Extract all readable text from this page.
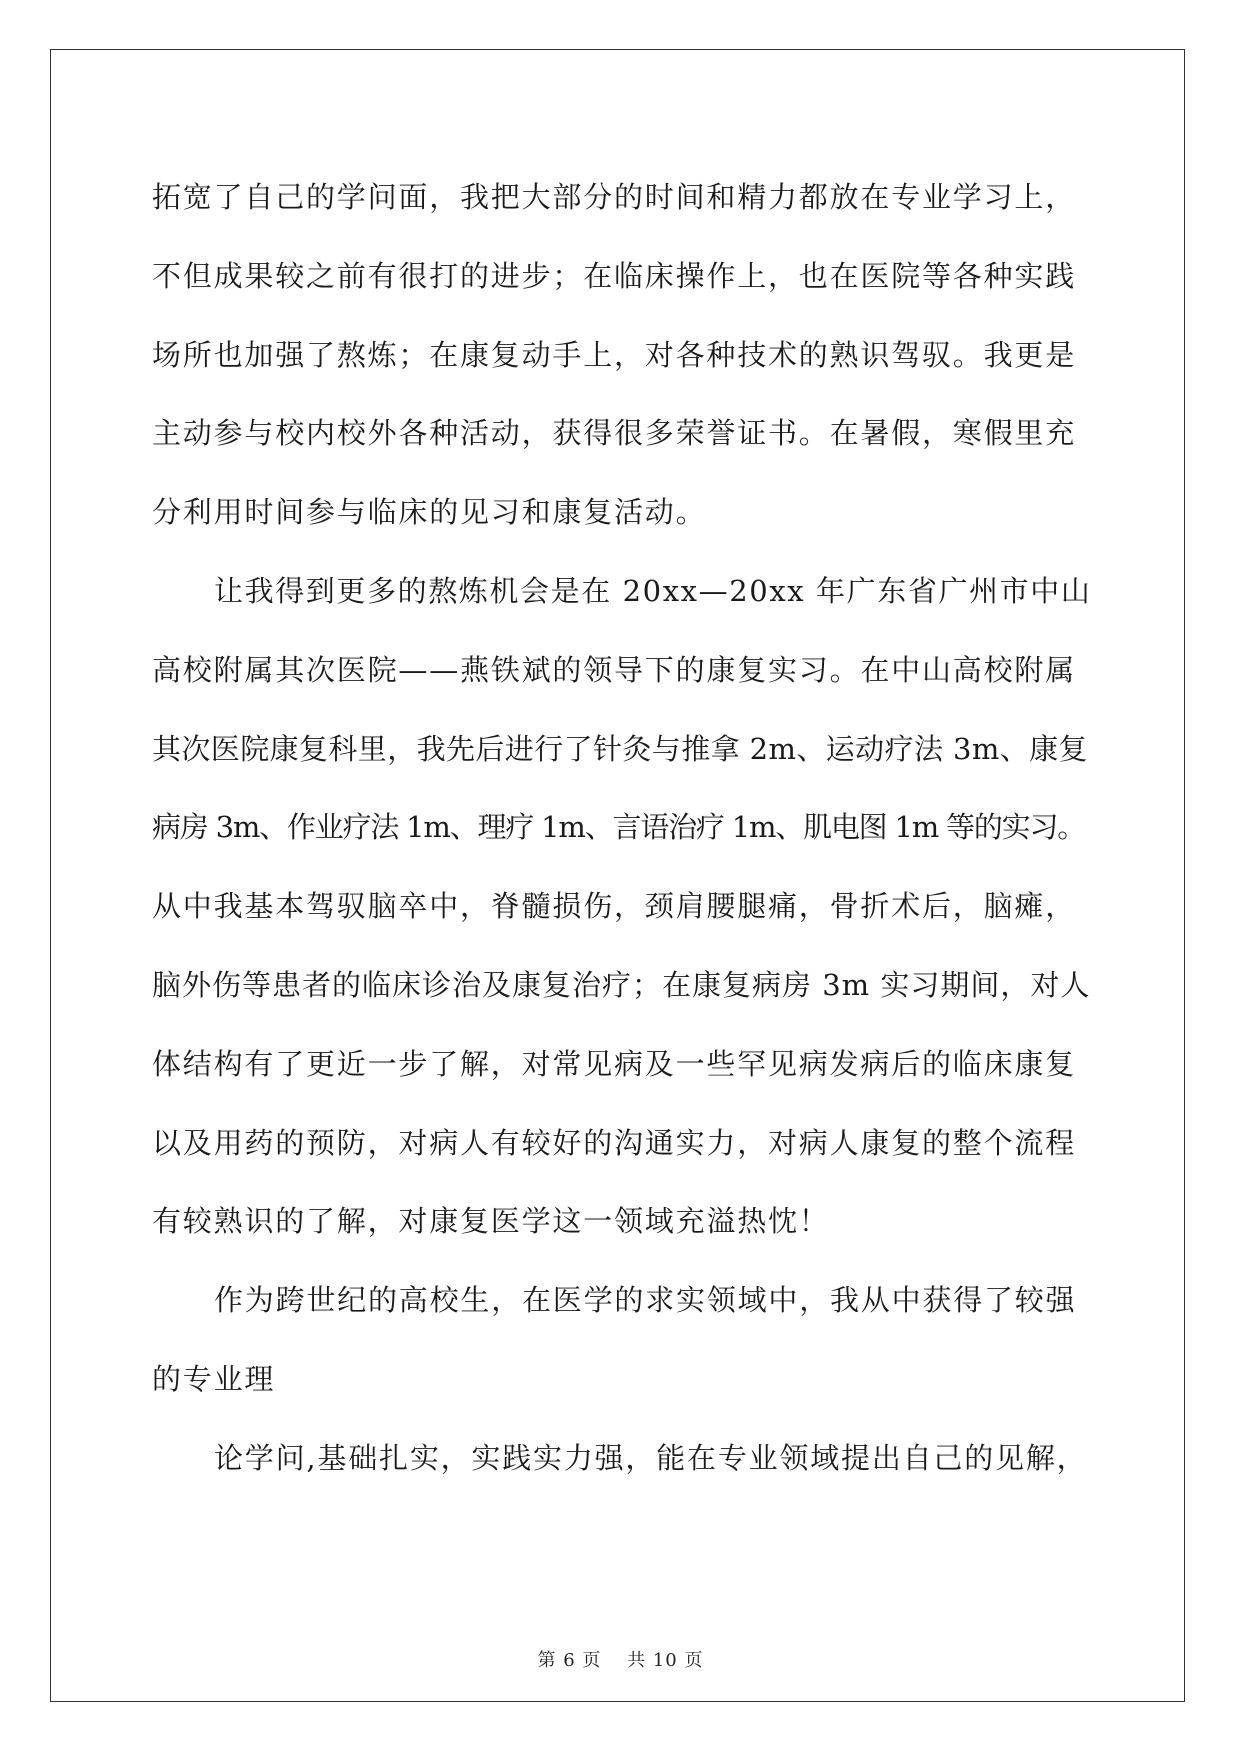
拓宽了自己的学问面，我把大部分的时间和精力都放在专业学习上，
不但成果较之前有很打的进步；在临床操作上，也在医院等各种实践
场所也加强了熬炼；在康复动手上，对各种技术的熟识驾驭。我更是
主动参与校内校外各种活动，获得很多荣誉证书。在暑假，寒假里充
分利用时间参与临床的见习和康复活动。
让我得到更多的熬炼机会是在 20xx—20xx 年广东省广州市中山
高校附属其次医院——燕铁斌的领导下的康复实习。在中山高校附属
其次医院康复科里，我先后进行了针灸与推拿 2m、运动疗法 3m、康复
病房 3m、作业疗法 1m、理疗 1m、言语治疗 1m、肌电图 1m 等的实习。
从中我基本驾驭脑卒中，脊髓损伤，颈肩腰腿痛，骨折术后，脑瘫，
脑外伤等患者的临床诊治及康复治疗；在康复病房 3m 实习期间，对人
体结构有了更近一步了解，对常见病及一些罕见病发病后的临床康复
以及用药的预防，对病人有较好的沟通实力，对病人康复的整个流程
有较熟识的了解，对康复医学这一领域充溢热忱！
作为跨世纪的高校生，在医学的求实领域中，我从中获得了较强
的专业理
论学问,基础扎实，实践实力强，能在专业领域提出自己的见解，
第 6 页　 共 10 页
